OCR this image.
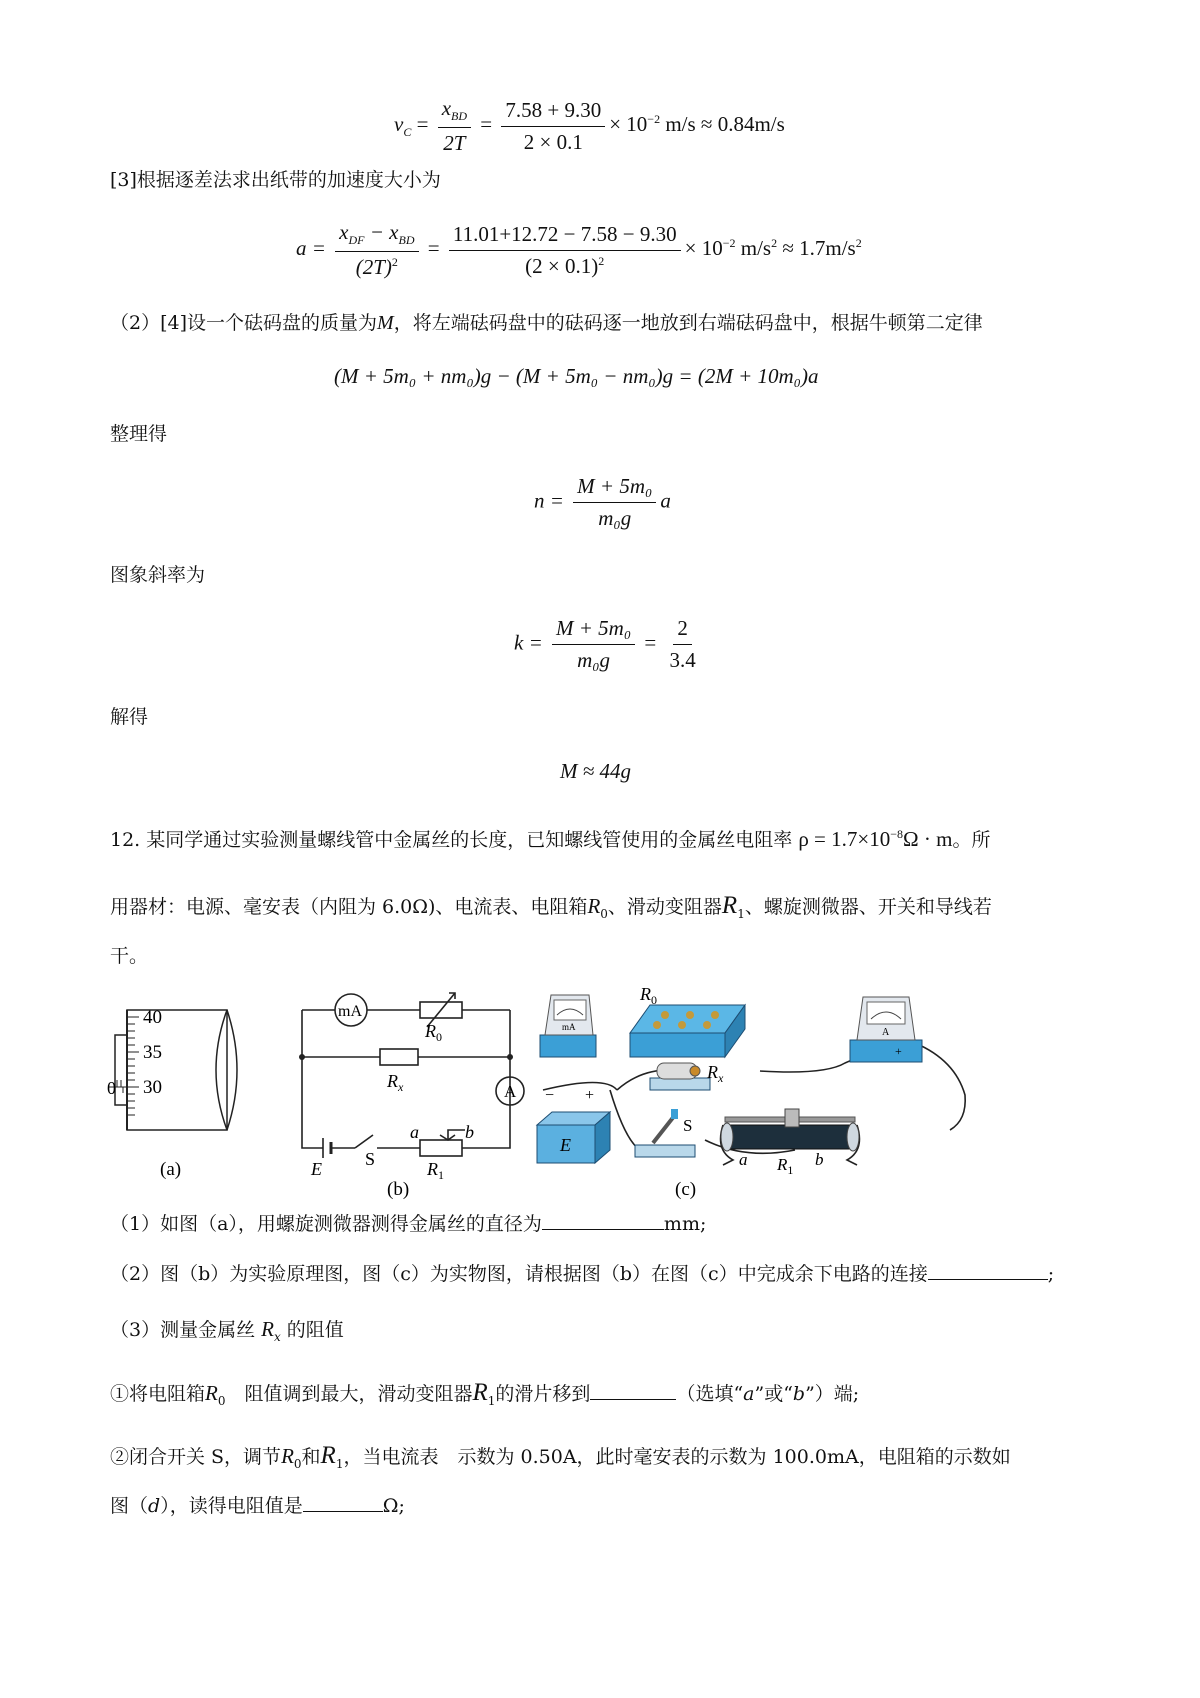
$v_C = \frac{x_{BD}}{2T} = \frac{7.58 + 9.30}{2 \times 0.1} \times 10^{-2}$ m/s ≈ 0.84m/s
[3]根据逐差法求出纸带的加速度大小为
$a = \frac{x_{DF} - x_{BD}}{(2T)^2} = \frac{11.01+12.72 - 7.58 - 9.30}{(2 \times 0.1)^2} \times 10^{-2}$ $m/s^2 \approx 1.7m/s^2$
（2）[4]设一个砝码盘的质量为M，将左端砝码盘中的砝码逐一地放到右端砝码盘中，根据牛顿第二定律
(M + 5m₀ + nm₀)g − (M + 5m₀ − nm₀)g = (2M + 10m₀)a
整理得
$n = \frac{\text{M + 5m₀}}{\text{m₀g}}$ a
图象斜率为
$k = \frac{\text{M + 5m₀}}{\text{m₀g}} = \frac{2}{3.4}$
解得
M ≈ 44g
12. 某同学通过实验测量螺线管中金属丝的长度，已知螺线管使用的金属丝电阻率 $\rho = 1.7\times 10^{-8}\Omega \cdot m$。所
用器材：电源、毫安表（内阻为 6.0Ω)、电流表、电阻箱$R_0$、滑动变阻器$R_1$、螺旋测微器、开关和导线若
干。
40
35
30
0
(a)
mA
A
$R_0$
$R_x$
$R_1$
a	b
E S
(b)
mA
$R_0$
A
+
$R_x$
− +
E
S
a $R_1$
b
(c)
（1）如图（a），用螺旋测微器测得金属丝的直径为	mm;
（2）图（b）为实验原理图，图（c）为实物图，请根据图（b）在图（c）中完成余下电路的连接	;
（3）测量金属丝 $R_x$ 的阻值
①将电阻箱$R_0$  阻值调到最大，滑动变阻器$R_1$的滑片移到	（选填“a”或“b”）端;
②闭合开关 S，调节$R_0$和$R_1$，当电流表　示数为 0.50A，此时毫安表的示数为 100.0mA，电阻箱的示数如
图（d），读得电阻值是	Ω;
